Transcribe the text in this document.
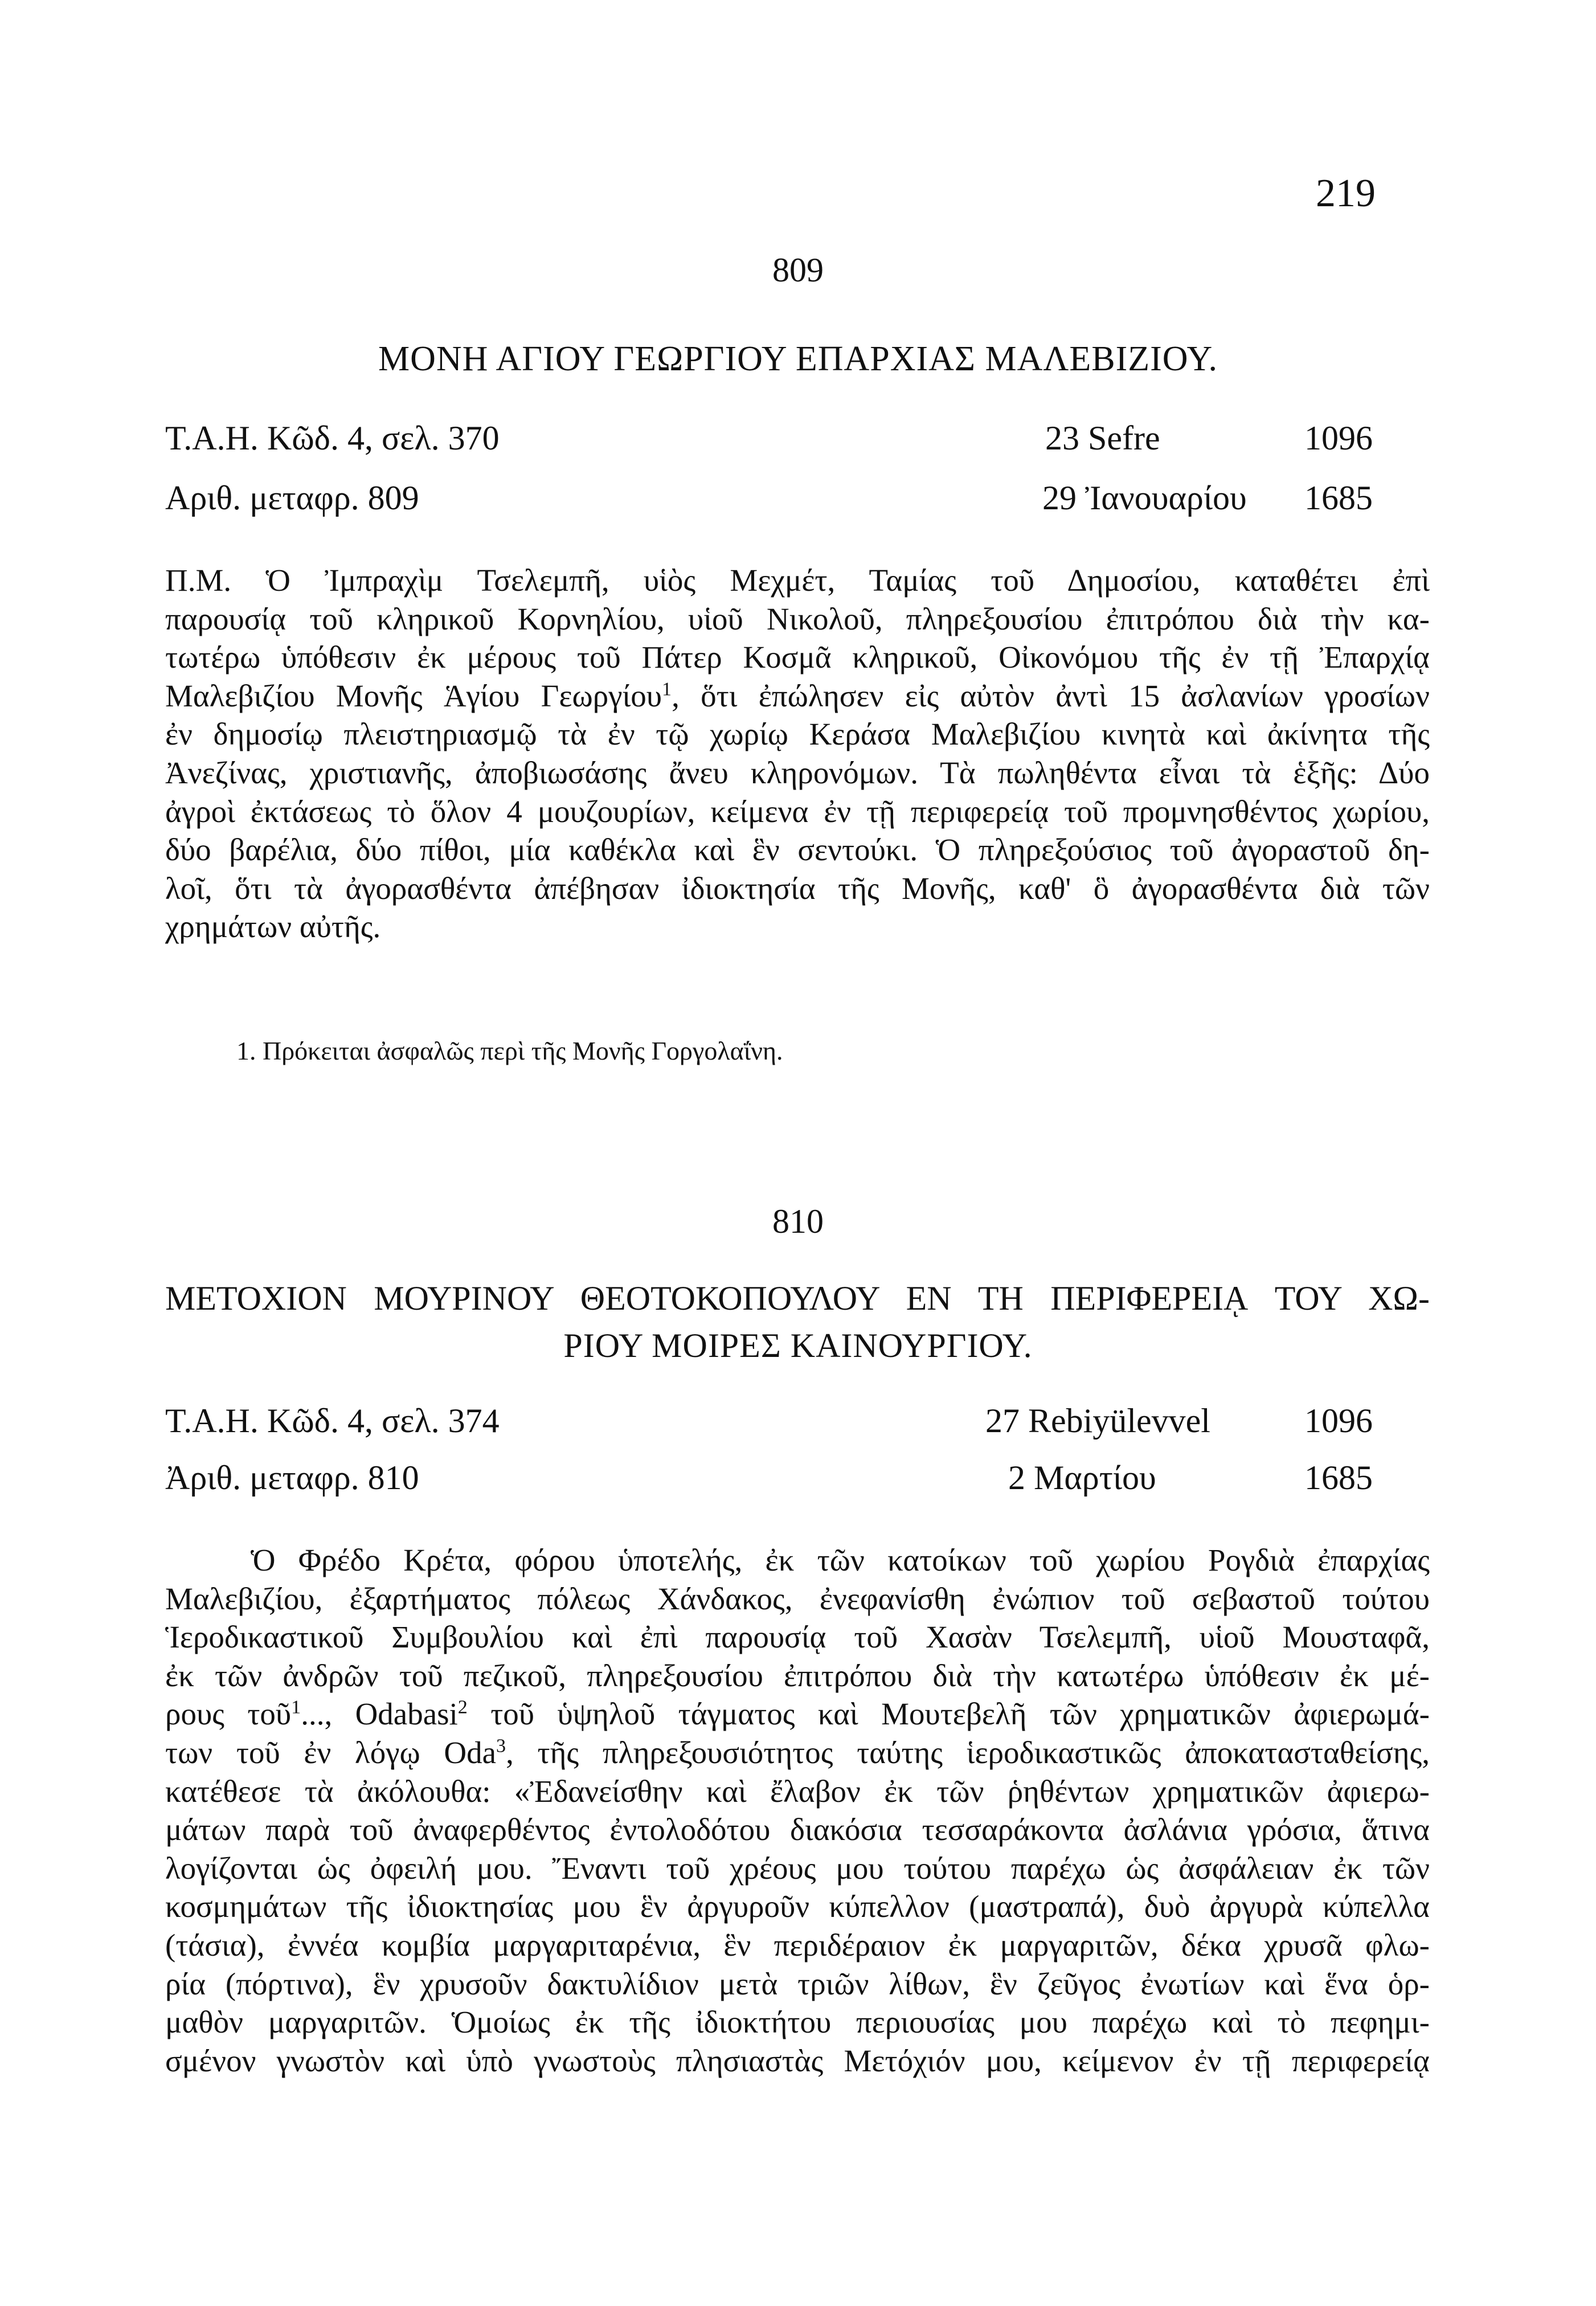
219
809
ΜΟΝΗ ΑΓΙΟΥ ΓΕΩΡΓΙΟΥ ΕΠΑΡΧΙΑΣ ΜΑΛΕΒΙΖΙΟΥ.
Τ.Α.Η. Κῶδ. 4, σελ. 370	23 Sefre	1096
Αριθ. μεταφρ. 809	29 Ἰανουαρίου 1685
Π.Μ. Ὁ Ἰμπραχὶμ Τσελεμπῆ, υἱὸς Μεχμέτ, Ταμίας τοῦ Δημοσίου, καταθέτει ἐπὶ
παρουσίᾳ τοῦ κληρικοῦ Κορνηλίου, υἱοῦ Νικολοῦ, πληρεξουσίου ἐπιτρόπου διὰ τὴν κα-
τωτέρω ὑπόθεσιν ἐκ μέρους τοῦ Πάτερ Κοσμᾶ κληρικοῦ, Οἰκονόμου τῆς ἐν τῇ Ἐπαρχίᾳ
Μαλεβιζίου Μονῆς Ἁγίου Γεωργίου$^1$, ὅτι ἐπώλησεν εἰς αὐτὸν ἀντὶ 15 ἀσλανίων γροσίων
ἐν δημοσίῳ πλειστηριασμῷ τὰ ἐν τῷ χωρίῳ Κεράσα Μαλεβιζίου κινητὰ καὶ ἀκίνητα τῆς
Ἀνεζίνας, χριστιανῆς, ἀποβιωσάσης ἄνευ κληρονόμων. Τὰ πωληθέντα εἶναι τὰ ἑξῆς: Δύο
ἀγροὶ ἐκτάσεως τὸ ὅλον 4 μουζουρίων, κείμενα ἐν τῇ περιφερείᾳ τοῦ προμνησθέντος χωρίου,
δύο βαρέλια, δύο πίθοι, μία καθέκλα καὶ ἓν σεντούκι. Ὁ πληρεξούσιος τοῦ ἀγοραστοῦ δη-
λοῖ, ὅτι τὰ ἀγορασθέντα ἀπέβησαν ἰδιοκτησία τῆς Μονῆς, καθ' ὃ ἀγορασθέντα διὰ τῶν
χρημάτων αὐτῆς.
1. Πρόκειται ἀσφαλῶς περὶ τῆς Μονῆς Γοργολαΐνη.
810
ΜΕΤΟΧΙΟΝ ΜΟΥΡΙΝΟΥ ΘΕΟΤΟΚΟΠΟΥΛΟΥ ΕΝ ΤΗ ΠΕΡΙΦΕΡΕΙᾼ ΤΟΥ ΧΩ-
ΡΙΟΥ ΜΟΙΡΕΣ ΚΑΙΝΟΥΡΓΙΟΥ.
Τ.Α.Η. Κῶδ. 4, σελ. 374	27 Rebiyülevvel	1096
Ἀριθ. μεταφρ. 810	2 Μαρτίου	1685
Ὁ Φρέδο Κρέτα, φόρου ὑποτελής, ἐκ τῶν κατοίκων τοῦ χωρίου Ρογδιὰ ἐπαρχίας
Μαλεβιζίου, ἐξαρτήματος πόλεως Χάνδακος, ἐνεφανίσθη ἐνώπιον τοῦ σεβαστοῦ τούτου
Ἱεροδικαστικοῦ Συμβουλίου καὶ ἐπὶ παρουσίᾳ τοῦ Χασὰν Τσελεμπῆ, υἱοῦ Μουσταφᾶ,
ἐκ τῶν ἀνδρῶν τοῦ πεζικοῦ, πληρεξουσίου ἐπιτρόπου διὰ τὴν κατωτέρω ὑπόθεσιν ἐκ μέ-
ρους τοῦ$^1$..., Odabasi$^2$ τοῦ ὑψηλοῦ τάγματος καὶ Μουτεβελῆ τῶν χρηματικῶν ἀφιερωμά-
των τοῦ ἐν λόγῳ Oda$^3$, τῆς πληρεξουσιότητος ταύτης ἱεροδικαστικῶς ἀποκατασταθείσης,
κατέθεσε τὰ ἀκόλουθα: «Ἐδανείσθην καὶ ἔλαβον ἐκ τῶν ῥηθέντων χρηματικῶν ἀφιερω-
μάτων παρὰ τοῦ ἀναφερθέντος ἐντολοδότου διακόσια τεσσαράκοντα ἀσλάνια γρόσια, ἅτινα
λογίζονται ὡς ὀφειλή μου. Ἔναντι τοῦ χρέους μου τούτου παρέχω ὡς ἀσφάλειαν ἐκ τῶν
κοσμημάτων τῆς ἰδιοκτησίας μου ἓν ἀργυροῦν κύπελλον (μαστραπά), δυὸ ἀργυρὰ κύπελλα
(τάσια), ἐννέα κομβία μαργαριταρένια, ἓν περιδέραιον ἐκ μαργαριτῶν, δέκα χρυσᾶ φλω-
ρία (πόρτινα), ἓν χρυσοῦν δακτυλίδιον μετὰ τριῶν λίθων, ἓν ζεῦγος ἐνωτίων καὶ ἕνα ὁρ-
μαθὸν μαργαριτῶν. Ὁμοίως ἐκ τῆς ἰδιοκτήτου περιουσίας μου παρέχω καὶ τὸ πεφημι-
σμένον γνωστὸν καὶ ὑπὸ γνωστοὺς πλησιαστὰς Μετόχιόν μου, κείμενον ἐν τῇ περιφερείᾳ
